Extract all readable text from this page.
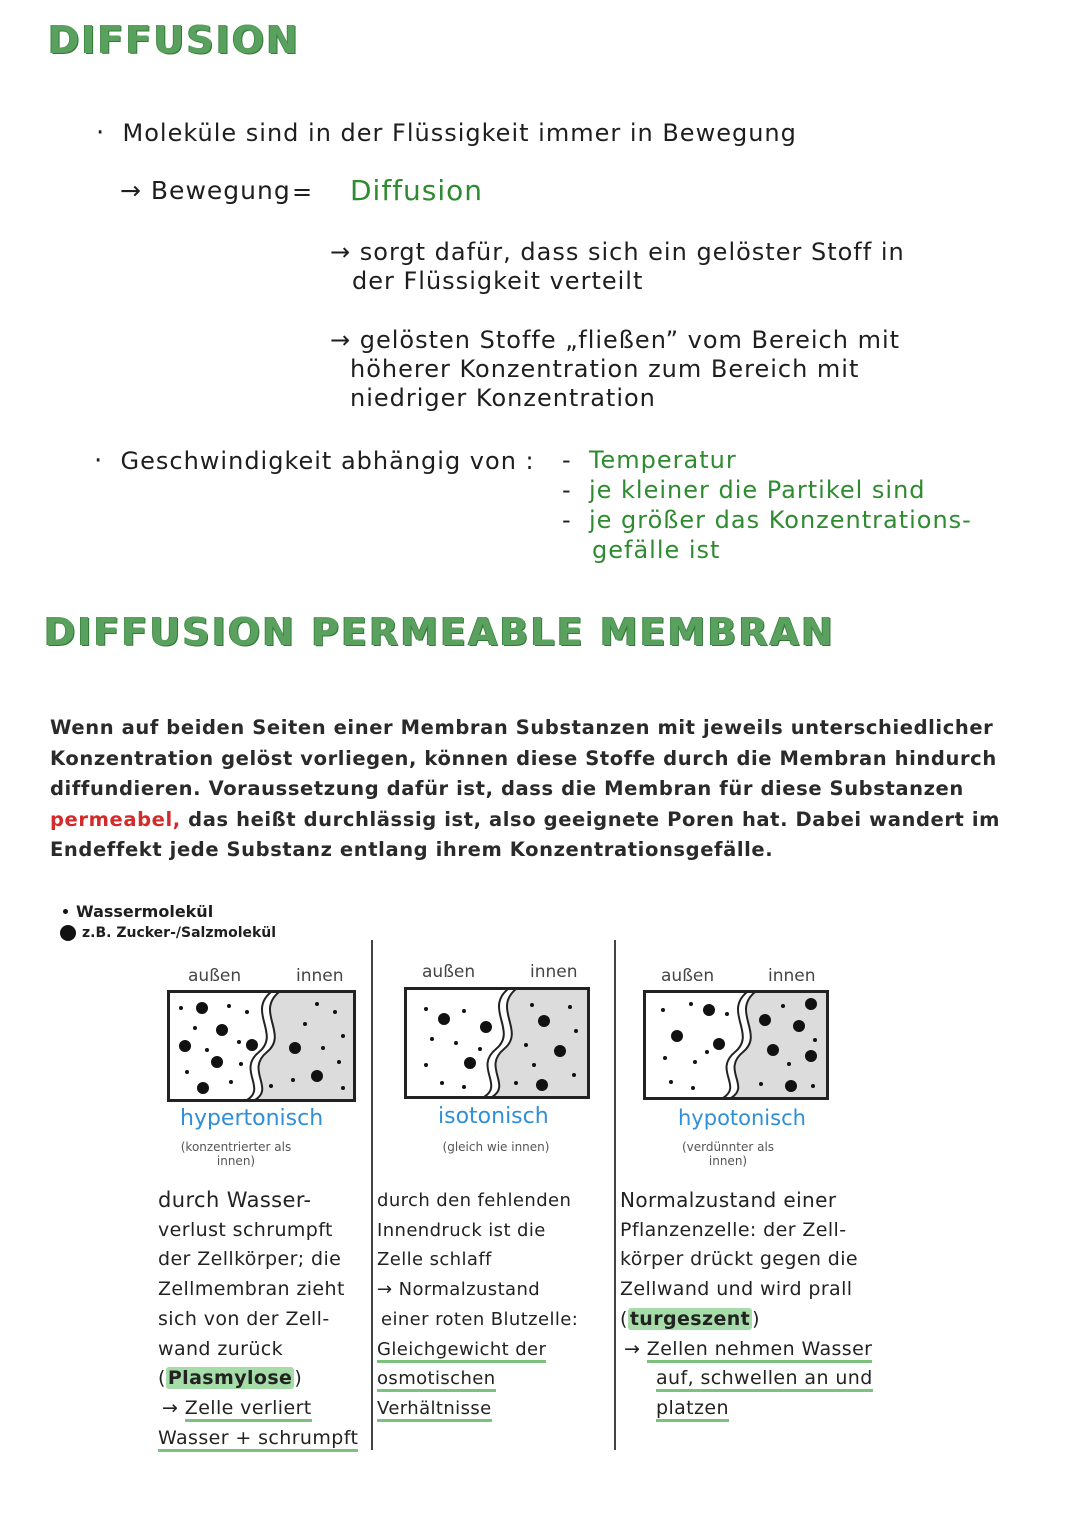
DIFFUSION
· Moleküle sind in der Flüssigkeit immer in Bewegung
→ Bewegung = Diffusion
→ sorgt dafür, dass sich ein gelöster Stoff in
der Flüssigkeit verteilt
→ gelösten Stoffe „fließen” vom Bereich mit
höherer Konzentration zum Bereich mit
niedriger Konzentration
· Geschwindigkeit abhängig von : - Temperatur
- je kleiner die Partikel sind
- je größer das Konzentrations-
gefälle ist
DIFFUSION PERMEABLE MEMBRAN
Wenn auf beiden Seiten einer Membran Substanzen mit jeweils unterschiedlicher
Konzentration gelöst vorliegen, können diese Stoffe durch die Membran hindurch
diffundieren. Voraussetzung dafür ist, dass die Membran für diese Substanzen
permeabel, das heißt durchlässig ist, also geeignete Poren hat. Dabei wandert im
Endeffekt jede Substanz entlang ihrem Konzentrationsgefälle.
Wassermolekül
z.B. Zucker-/Salzmolekül
außen	innen
hypertonisch
(konzentrierter als
innen)
durch Wasser-
verlust schrumpft
der Zellkörper; die
Zellmembran zieht
sich von der Zell-
wand zurück
( Plasmylose )
→ Zelle verliert
Wasser + schrumpft
außen	innen
isotonisch
(gleich wie innen)
durch den fehlenden
Innendruck ist die
Zelle schlaff
→ Normalzustand
einer roten Blutzelle:
Gleichgewicht der
osmotischen Verhältnisse
außen	innen
hypotonisch
(verdünnter als
innen)
Normalzustand einer
Pflanzenzelle: der Zell-
körper drückt gegen die
Zellwand und wird prall
( turgeszent )
→ Zellen nehmen Wasser
auf, schwellen an und
platzen
